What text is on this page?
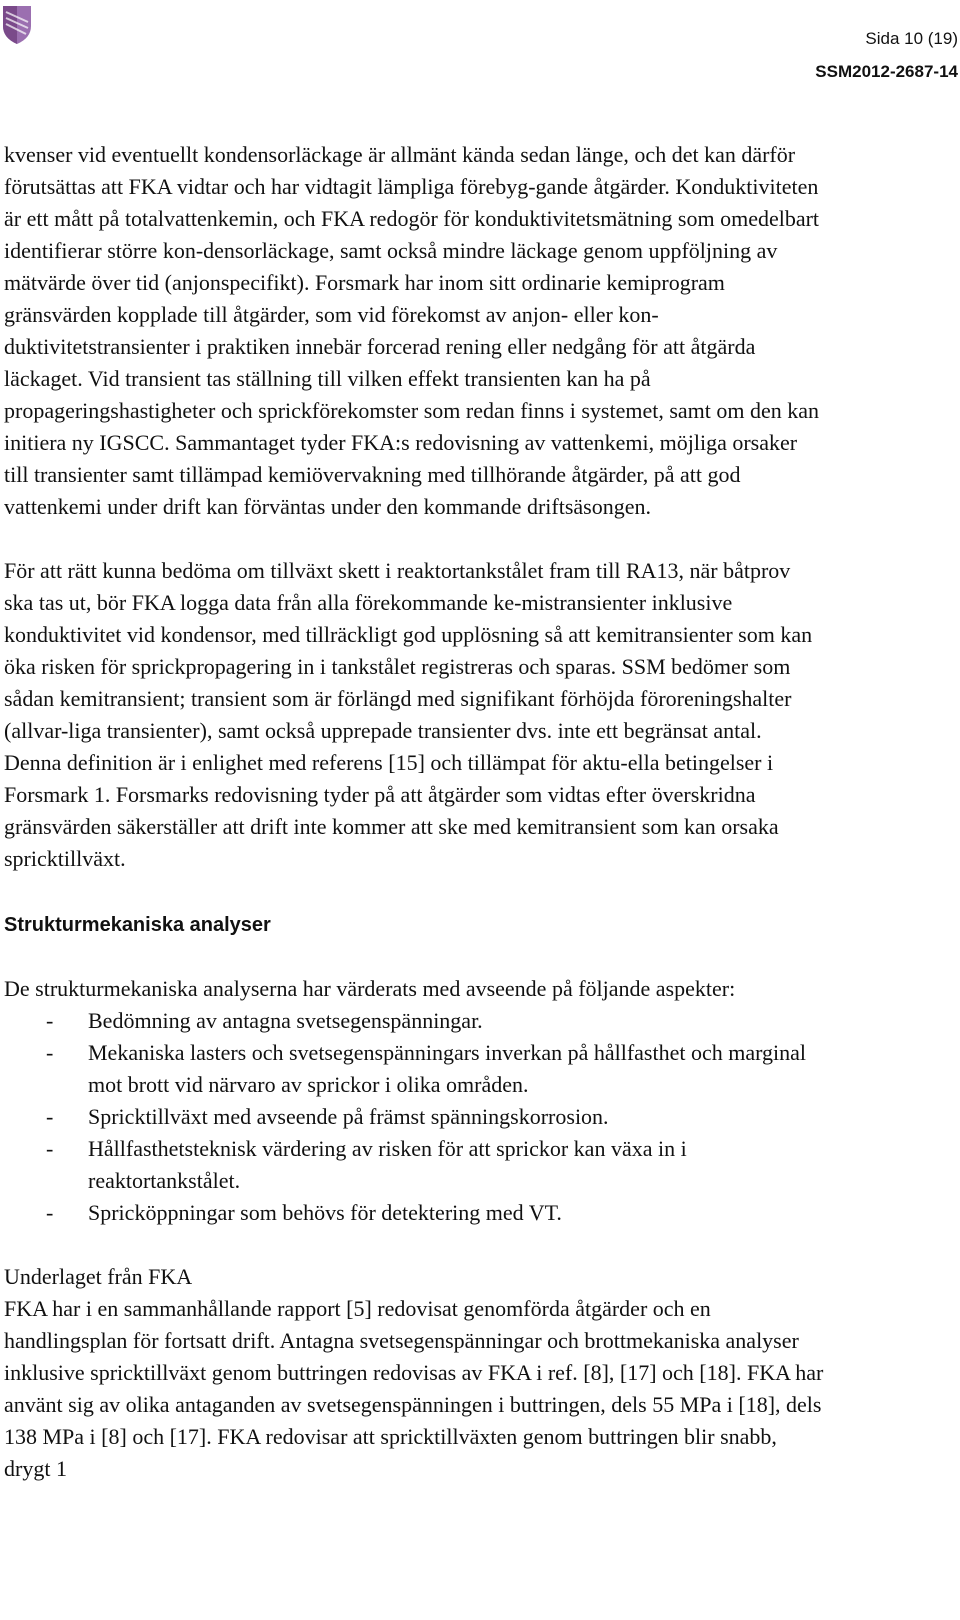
Sida 10 (19)
SSM2012-2687-14

kvenser vid eventuellt kondensorläckage är allmänt kända sedan länge, och det kan därför förutsättas att FKA vidtar och har vidtagit lämpliga förebyg-gande åtgärder. Konduktiviteten är ett mått på totalvattenkemin, och FKA redogör för konduktivitetsmätning som omedelbart identifierar större kon-densorläckage, samt också mindre läckage genom uppföljning av mätvärde över tid (anjonspecifikt). Forsmark har inom sitt ordinarie kemiprogram gränsvärden kopplade till åtgärder, som vid förekomst av anjon- eller kon-duktivitetstransienter i praktiken innebär forcerad rening eller nedgång för att åtgärda läckaget. Vid transient tas ställning till vilken effekt transienten kan ha på propageringshastigheter och sprickförekomster som redan finns i systemet, samt om den kan initiera ny IGSCC. Sammantaget tyder FKA:s redovisning av vattenkemi, möjliga orsaker till transienter samt tillämpad kemiövervakning med tillhörande åtgärder, på att god vattenkemi under drift kan förväntas under den kommande driftsäsongen.

För att rätt kunna bedöma om tillväxt skett i reaktortankstålet fram till RA13, när båtprov ska tas ut, bör FKA logga data från alla förekommande ke-mistransienter inklusive konduktivitet vid kondensor, med tillräckligt god upplösning så att kemitransienter som kan öka risken för sprickpropagering in i tankstålet registreras och sparas. SSM bedömer som sådan kemitransient; transient som är förlängd med signifikant förhöjda föroreningshalter (allvar-liga transienter), samt också upprepade transienter dvs. inte ett begränsat antal. Denna definition är i enlighet med referens [15] och tillämpat för aktu-ella betingelser i Forsmark 1. Forsmarks redovisning tyder på att åtgärder som vidtas efter överskridna gränsvärden säkerställer att drift inte kommer att ske med kemitransient som kan orsaka spricktillväxt.

Strukturmekaniska analyser

De strukturmekaniska analyserna har värderats med avseende på följande aspekter:

- Bedömning av antagna svetsegenspänningar.
- Mekaniska lasters och svetsegenspänningars inverkan på hållfasthet och marginal mot brott vid närvaro av sprickor i olika områden.
- Spricktillväxt med avseende på främst spänningskorrosion.
- Hållfasthetsteknisk värdering av risken för att sprickor kan växa in i reaktortankstålet.
- Spricköppningar som behövs för detektering med VT.

Underlaget från FKA

FKA har i en sammanhållande rapport [5] redovisat genomförda åtgärder och en handlingsplan för fortsatt drift. Antagna svetsegenspänningar och brottmekaniska analyser inklusive spricktillväxt genom buttringen redovisas av FKA i ref. [8], [17] och [18]. FKA har använt sig av olika antaganden av svetsegenspänningen i buttringen, dels 55 MPa i [18], dels 138 MPa i [8] och [17]. FKA redovisar att spricktillväxten genom buttringen blir snabb, drygt 1
